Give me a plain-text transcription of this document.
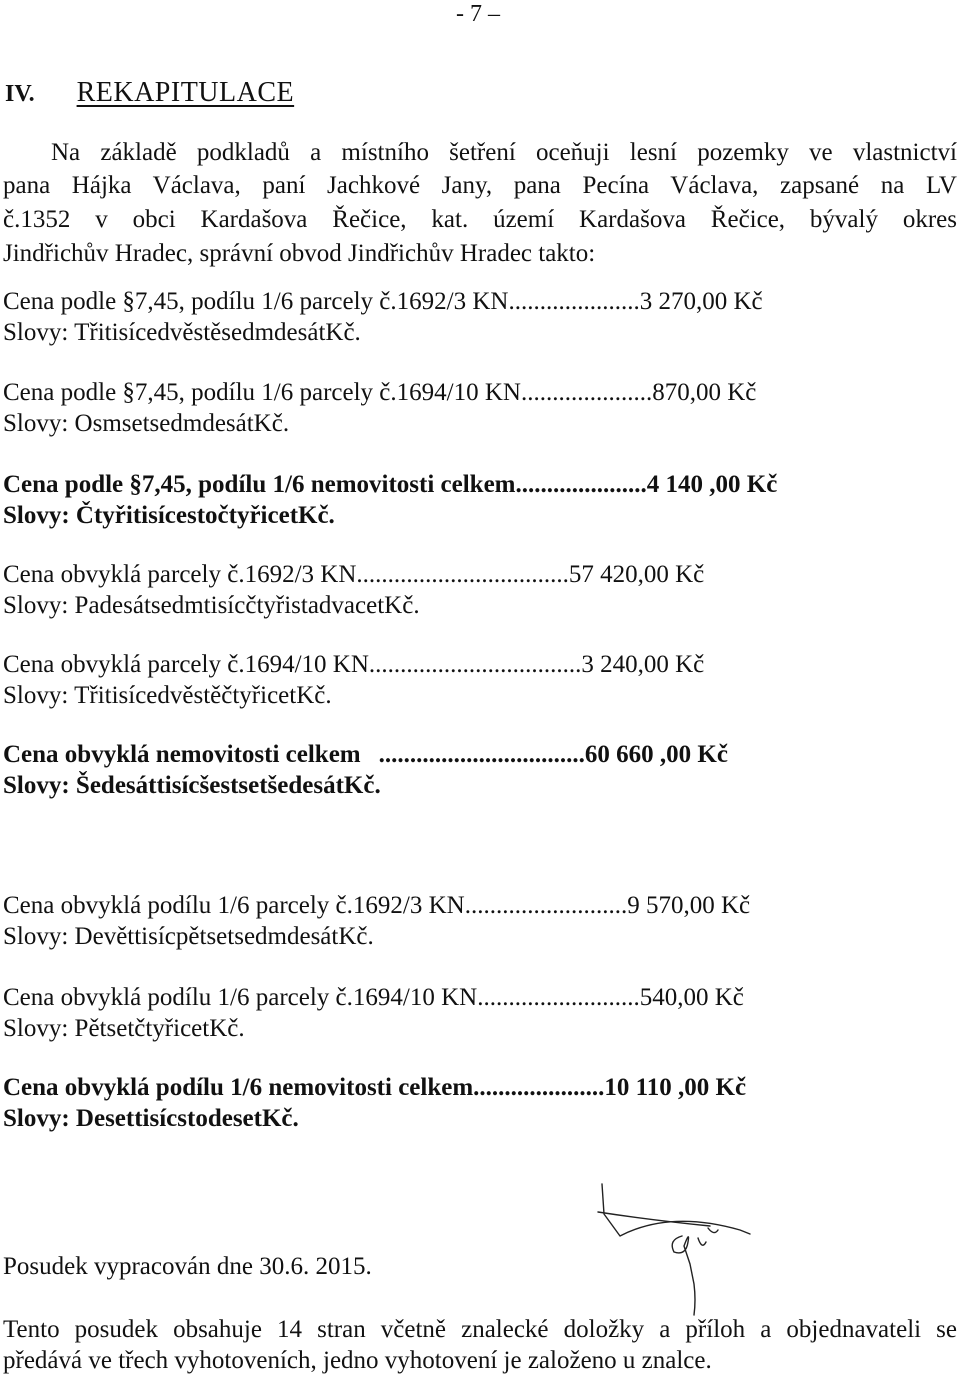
- 7 –
IV. REKAPITULACE
Na základě podkladů a místního šetření oceňuji lesní pozemky ve vlastnictví
pana Hájka Václava, paní Jachkové Jany, pana Pecína Václava, zapsané na LV
č.1352 v obci Kardašova Řečice, kat. území Kardašova Řečice, bývalý okres
Jindřichův Hradec, správní obvod Jindřichův Hradec takto:
Cena podle §7,45, podílu 1/6 parcely č.1692/3 KN.....................3 270,00 Kč
Slovy: TřitisícedvěstěsedmdesátKč.
Cena podle §7,45, podílu 1/6 parcely č.1694/10 KN.....................870,00 Kč
Slovy: OsmsetsedmdesátKč.
Cena podle §7,45, podílu 1/6 nemovitosti celkem.....................4 140 ,00 Kč
Slovy: ČtyřitisícestočtyřicetKč.
Cena obvyklá parcely č.1692/3 KN..................................57 420,00 Kč
Slovy: PadesátsedmtisícčtyřistadvacetKč.
Cena obvyklá parcely č.1694/10 KN..................................3 240,00 Kč
Slovy: TřitisícedvěstěčtyřicetKč.
Cena obvyklá nemovitosti celkem .................................60 660 ,00 Kč
Slovy: ŠedesáttisícšestsetšedesátKč.
Cena obvyklá podílu 1/6 parcely č.1692/3 KN..........................9 570,00 Kč
Slovy: DevěttisícpětsetsedmdesátKč.
Cena obvyklá podílu 1/6 parcely č.1694/10 KN..........................540,00 Kč
Slovy: PětsetčtyřicetKč.
Cena obvyklá podílu 1/6 nemovitosti celkem.....................10 110 ,00 Kč
Slovy: DesettisícstodesetKč.
Posudek vypracován dne 30.6. 2015.
Tento posudek obsahuje 14 stran včetně znalecké doložky a příloh a objednavateli se
předává ve třech vyhotoveních, jedno vyhotovení je založeno u znalce.
